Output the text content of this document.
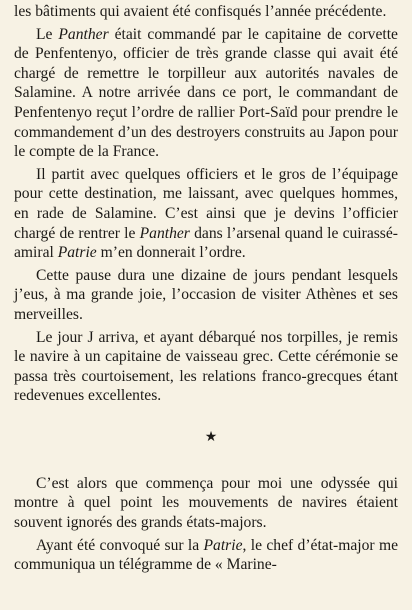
les bâtiments qui avaient été confisqués l’année précédente.

Le Panther était commandé par le capitaine de corvette de Penfentenyo, officier de très grande classe qui avait été chargé de remettre le torpilleur aux autorités navales de Salamine. A notre arrivée dans ce port, le commandant de Penfentenyo reçut l’ordre de rallier Port-Saïd pour prendre le commandement d’un des destroyers construits au Japon pour le compte de la France.

Il partit avec quelques officiers et le gros de l’équipage pour cette destination, me laissant, avec quelques hommes, en rade de Salamine. C’est ainsi que je devins l’officier chargé de rentrer le Panther dans l’arsenal quand le cuirassé-amiral Patrie m’en donnerait l’ordre.

Cette pause dura une dizaine de jours pendant lesquels j’eus, à ma grande joie, l’occasion de visiter Athènes et ses merveilles.

Le jour J arriva, et ayant débarqué nos torpilles, je remis le navire à un capitaine de vaisseau grec. Cette cérémonie se passa très courtoisement, les relations franco-grecques étant redevenues excellentes.

★

C’est alors que commença pour moi une odyssée qui montre à quel point les mouvements de navires étaient souvent ignorés des grands états-majors.

Ayant été convoqué sur la Patrie, le chef d’état-major me communiqua un télégramme de « Marine-
